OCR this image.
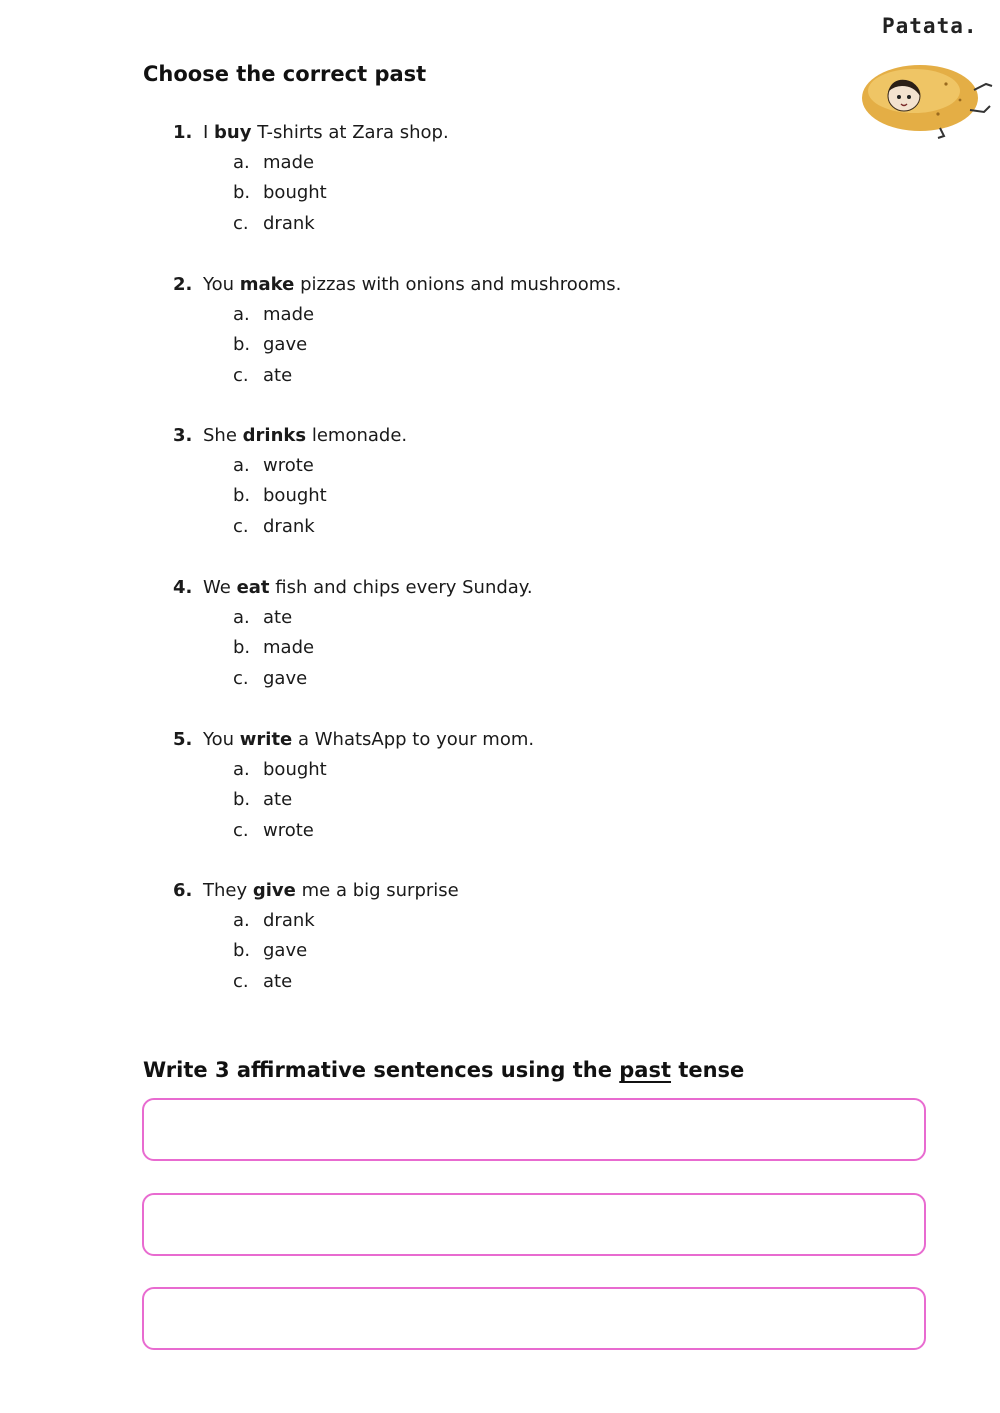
Patata.
Choose the correct past
1. I buy T-shirts at Zara shop.
a. made
b. bought
c. drank
2. You make pizzas with onions and mushrooms.
a. made
b. gave
c. ate
3. She drinks lemonade.
a. wrote
b. bought
c. drank
4. We eat fish and chips every Sunday.
a. ate
b. made
c. gave
5. You write a WhatsApp to your mom.
a. bought
b. ate
c. wrote
6. They give me a big surprise
a. drank
b. gave
c. ate
Write 3 affirmative sentences using the past tense
